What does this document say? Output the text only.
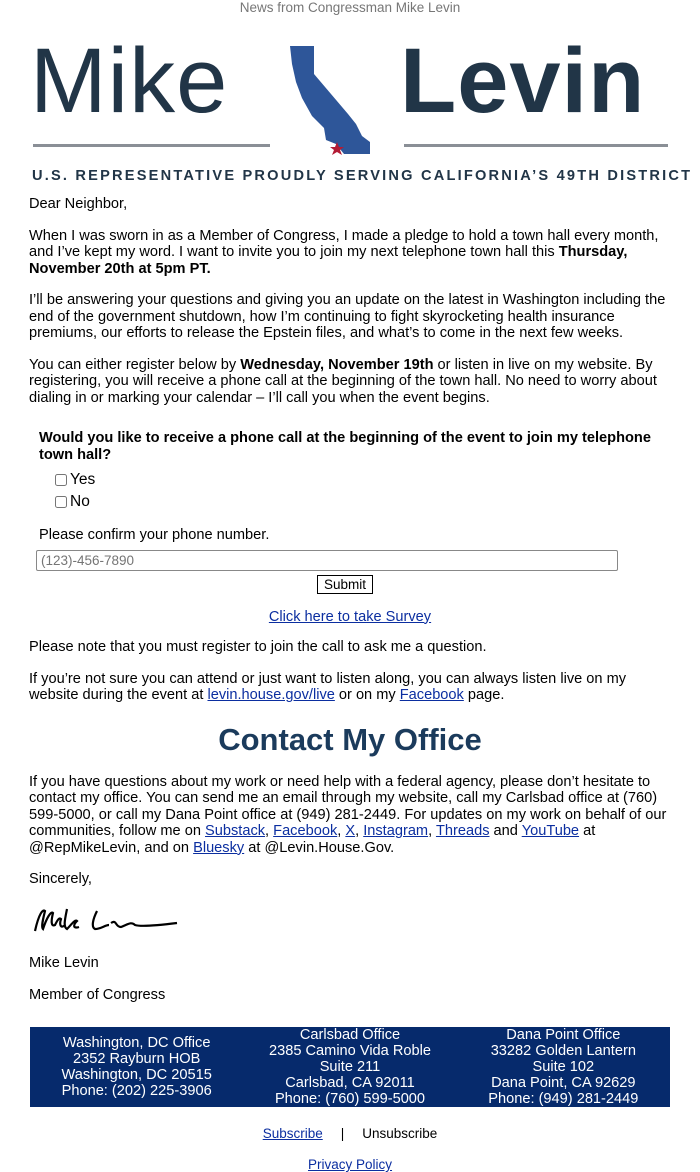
News from Congressman Mike Levin
Mike Levin
U.S. REPRESENTATIVE PROUDLY SERVING CALIFORNIA’S 49TH DISTRICT

Dear Neighbor,

When I was sworn in as a Member of Congress, I made a pledge to hold a town hall every month, and I’ve kept my word. I want to invite you to join my next telephone town hall this Thursday, November 20th at 5pm PT.

I’ll be answering your questions and giving you an update on the latest in Washington including the end of the government shutdown, how I’m continuing to fight skyrocketing health insurance premiums, our efforts to release the Epstein files, and what’s to come in the next few weeks.

You can either register below by Wednesday, November 19th or listen in live on my website. By registering, you will receive a phone call at the beginning of the town hall. No need to worry about dialing in or marking your calendar – I’ll call you when the event begins.

Would you like to receive a phone call at the beginning of the event to join my telephone town hall?
Yes
No
Please confirm your phone number.
(123)-456-7890
Submit
Click here to take Survey

Please note that you must register to join the call to ask me a question.

If you’re not sure you can attend or just want to listen along, you can always listen live on my website during the event at levin.house.gov/live or on my Facebook page.

Contact My Office

If you have questions about my work or need help with a federal agency, please don’t hesitate to contact my office. You can send me an email through my website, call my Carlsbad office at (760) 599-5000, or call my Dana Point office at (949) 281-2449. For updates on my work on behalf of our communities, follow me on Substack, Facebook, X, Instagram, Threads and YouTube at @RepMikeLevin, and on Bluesky at @Levin.House.Gov.

Sincerely,

Mike Levin

Member of Congress

Washington, DC Office
2352 Rayburn HOB
Washington, DC 20515
Phone: (202) 225-3906
Carlsbad Office
2385 Camino Vida Roble
Suite 211
Carlsbad, CA 92011
Phone: (760) 599-5000
Dana Point Office
33282 Golden Lantern
Suite 102
Dana Point, CA 92629
Phone: (949) 281-2449
Subscribe | Unsubscribe
Privacy Policy
